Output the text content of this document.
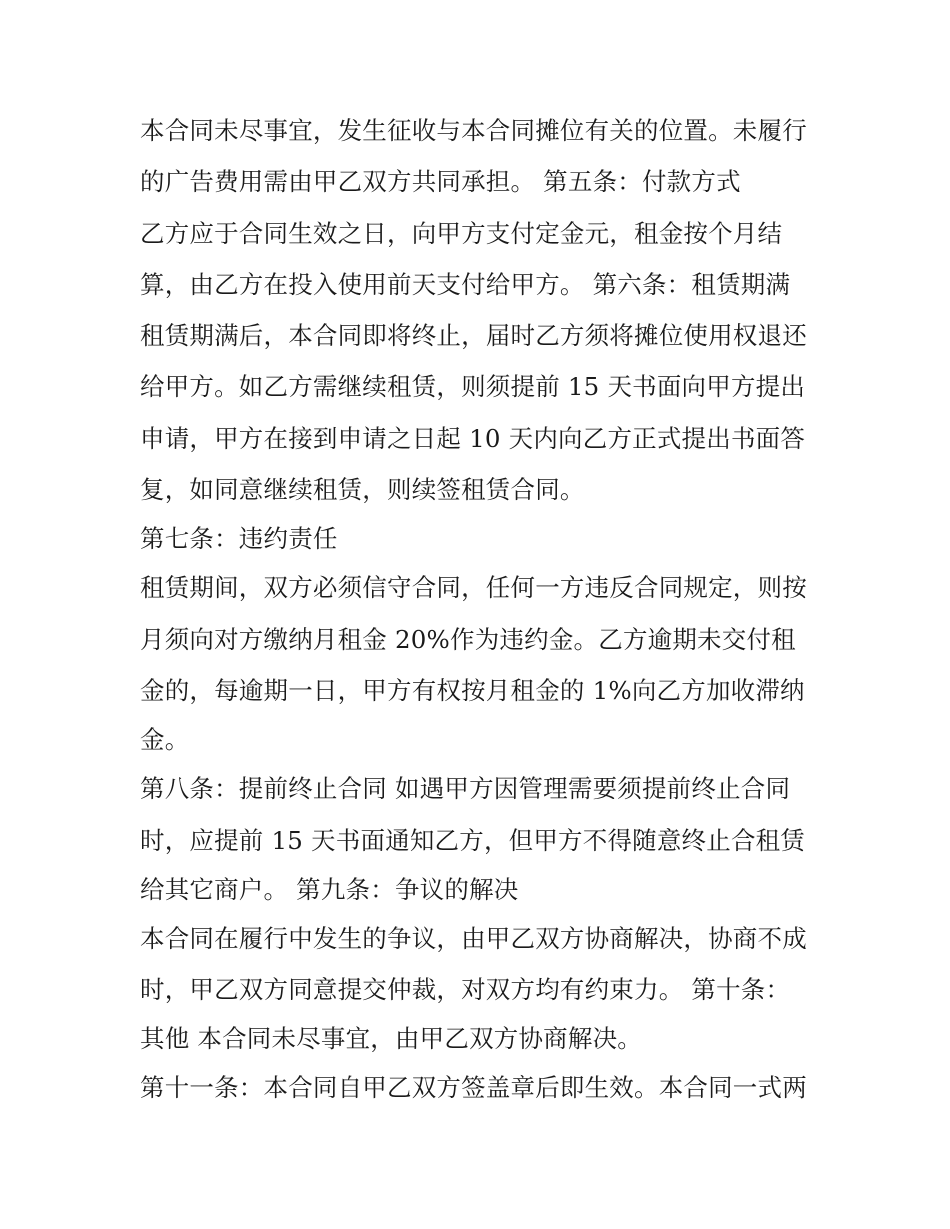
本合同未尽事宜，发生征收与本合同摊位有关的位置。未履行
的广告费用需由甲乙双方共同承担。 第五条：付款方式
乙方应于合同生效之日，向甲方支付定金元，租金按个月结
算，由乙方在投入使用前天支付给甲方。 第六条：租赁期满
租赁期满后，本合同即将终止，届时乙方须将摊位使用权退还
给甲方。如乙方需继续租赁，则须提前 15 天书面向甲方提出
申请，甲方在接到申请之日起 10 天内向乙方正式提出书面答
复，如同意继续租赁，则续签租赁合同。
第七条：违约责任
租赁期间，双方必须信守合同，任何一方违反合同规定，则按
月须向对方缴纳月租金 20%作为违约金。乙方逾期未交付租
金的，每逾期一日，甲方有权按月租金的 1%向乙方加收滞纳
金。
第八条：提前终止合同 如遇甲方因管理需要须提前终止合同
时，应提前 15 天书面通知乙方，但甲方不得随意终止合租赁
给其它商户。 第九条：争议的解决
本合同在履行中发生的争议，由甲乙双方协商解决，协商不成
时，甲乙双方同意提交仲裁，对双方均有约束力。 第十条：
其他 本合同未尽事宜，由甲乙双方协商解决。
第十一条：本合同自甲乙双方签盖章后即生效。本合同一式两
